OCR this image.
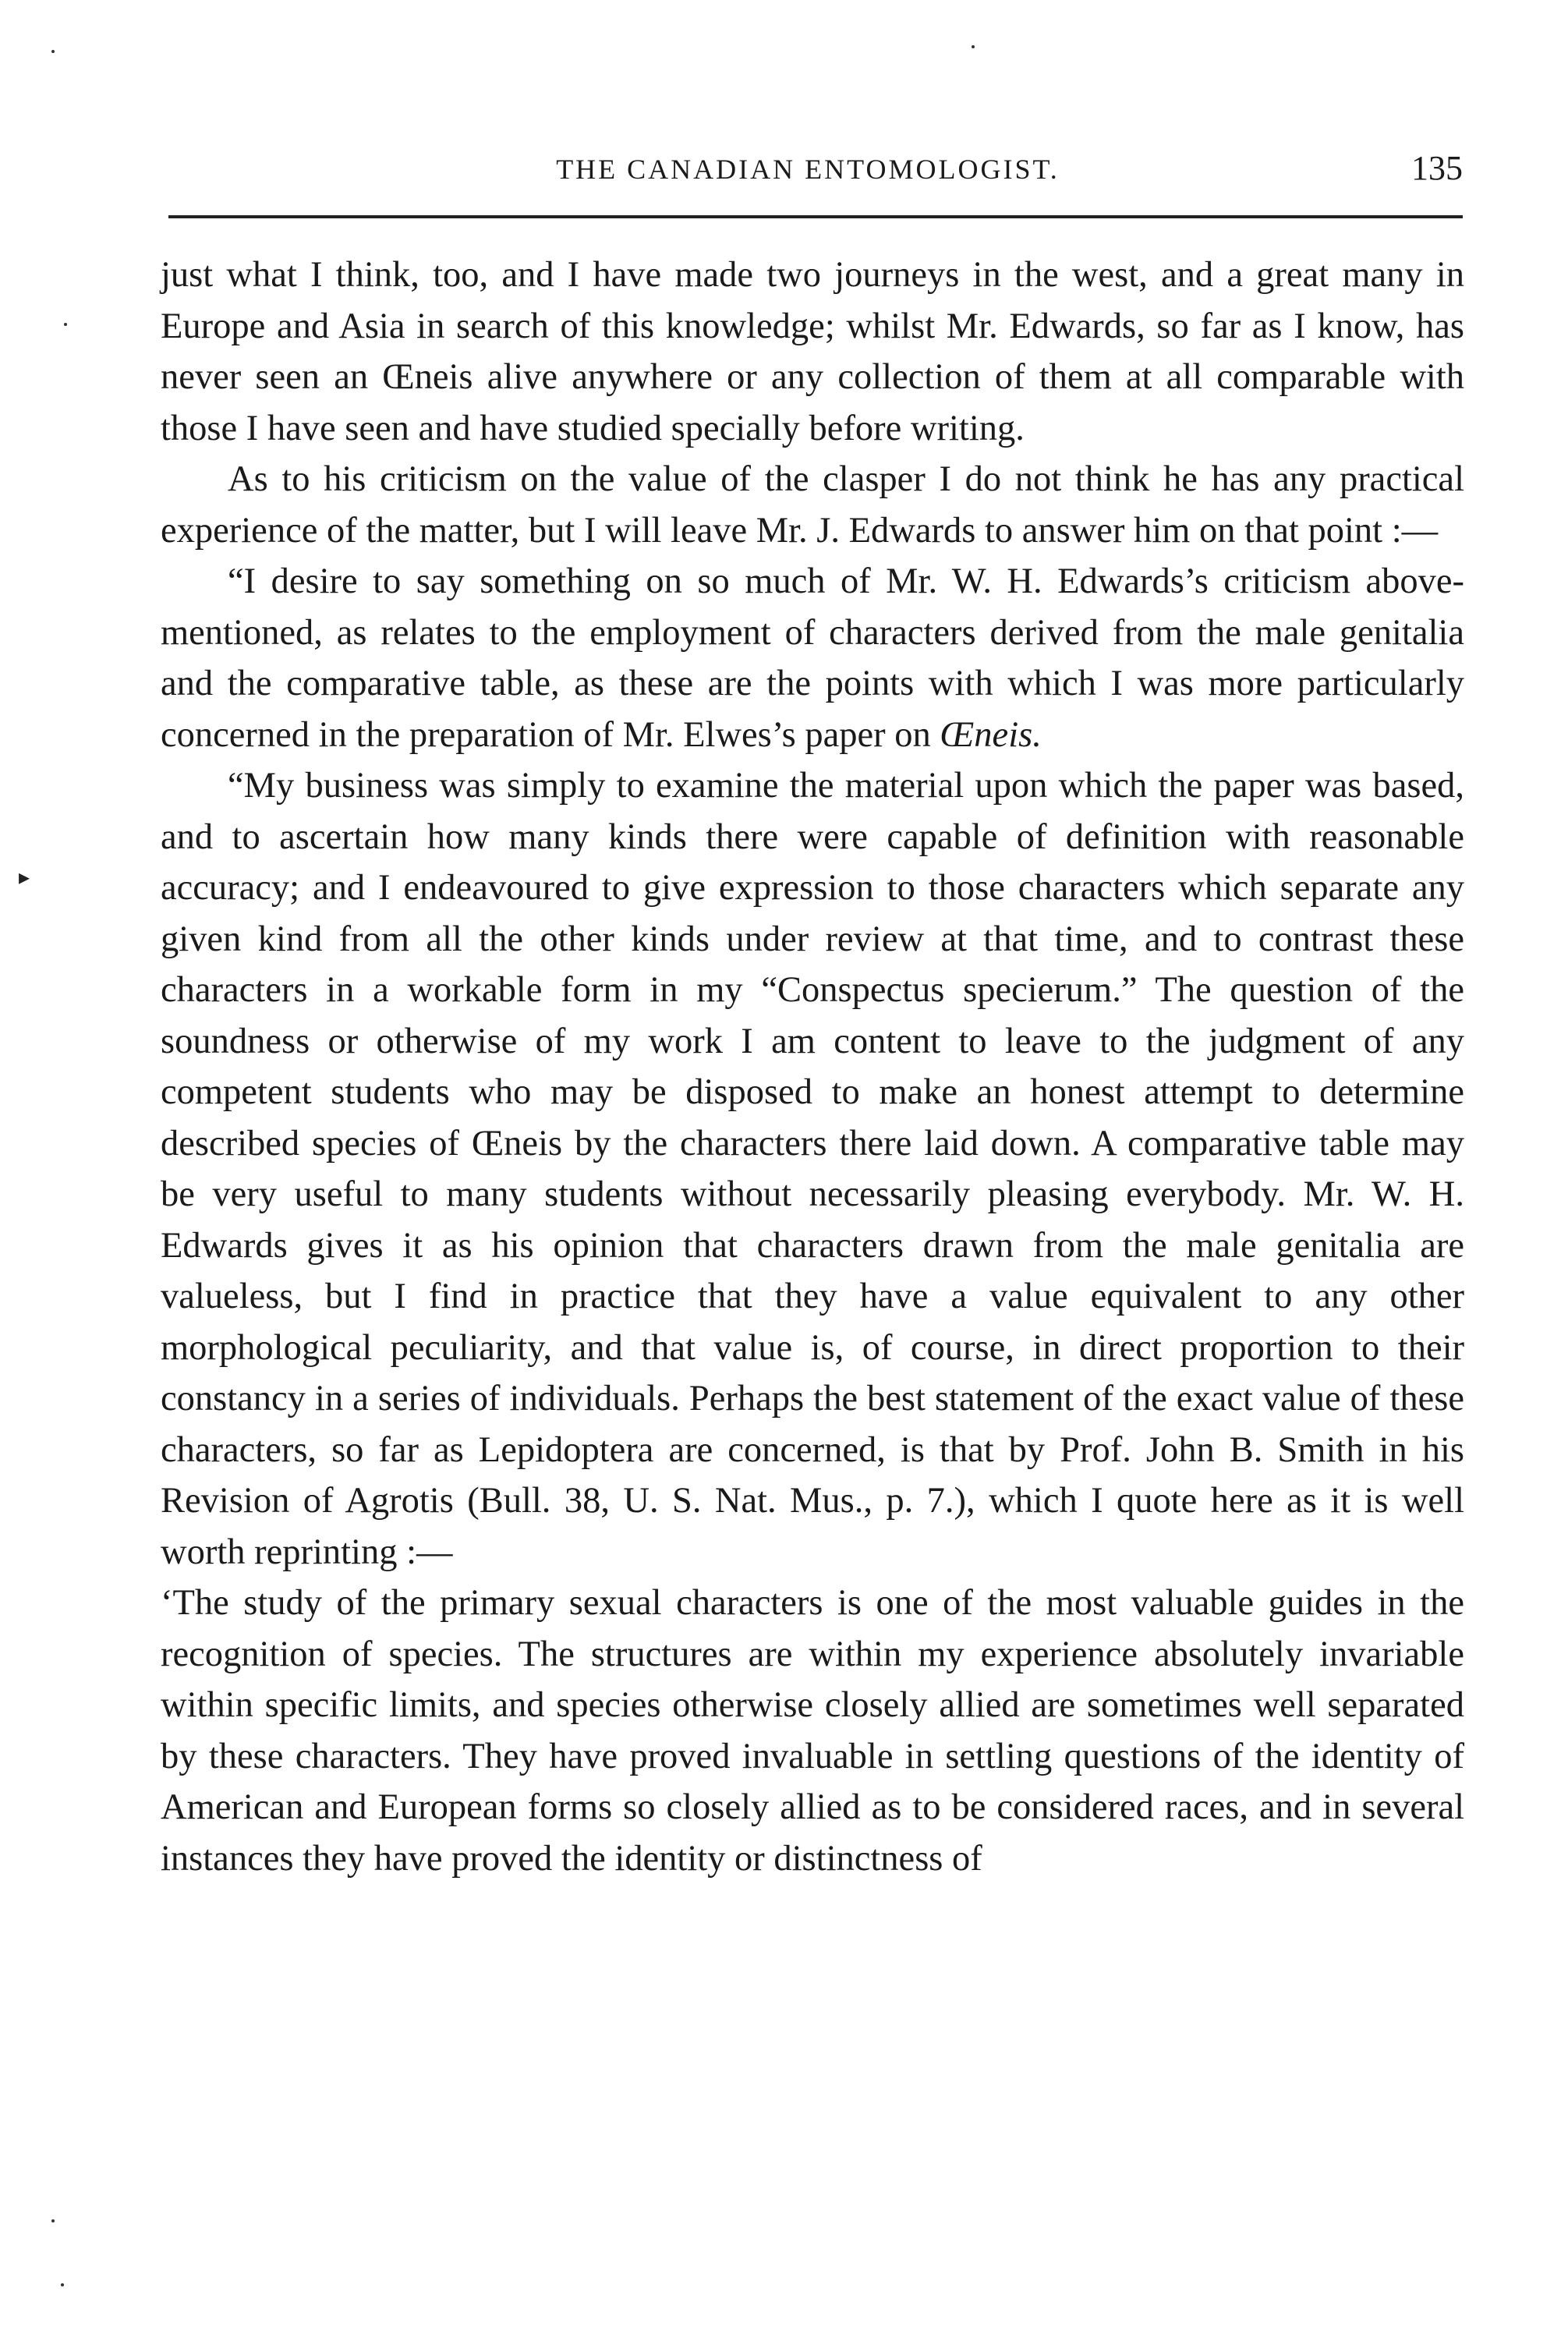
THE CANADIAN ENTOMOLOGIST.	135

just what I think, too, and I have made two journeys in the west, and a great many in Europe and Asia in search of this knowledge; whilst Mr. Edwards, so far as I know, has never seen an Œneis alive anywhere or any collection of them at all comparable with those I have seen and have studied specially before writing.

As to his criticism on the value of the clasper I do not think he has any practical experience of the matter, but I will leave Mr. J. Edwards to answer him on that point :—

“I desire to say something on so much of Mr. W. H. Edwards’s criticism above-mentioned, as relates to the employment of characters derived from the male genitalia and the comparative table, as these are the points with which I was more particularly concerned in the preparation of Mr. Elwes’s paper on Œneis.

“My business was simply to examine the material upon which the paper was based, and to ascertain how many kinds there were capable of definition with reasonable accuracy; and I endeavoured to give expression to those characters which separate any given kind from all the other kinds under review at that time, and to contrast these characters in a workable form in my “Conspectus specierum.” The question of the soundness or otherwise of my work I am content to leave to the judgment of any competent students who may be disposed to make an honest attempt to determine described species of Œneis by the characters there laid down. A comparative table may be very useful to many students without necessarily pleasing everybody. Mr. W. H. Edwards gives it as his opinion that characters drawn from the male genitalia are valueless, but I find in practice that they have a value equivalent to any other morphological peculiarity, and that value is, of course, in direct proportion to their constancy in a series of individuals. Perhaps the best statement of the exact value of these characters, so far as Lepidoptera are concerned, is that by Prof. John B. Smith in his Revision of Agrotis (Bull. 38, U. S. Nat. Mus., p. 7.), which I quote here as it is well worth reprinting :—

‘The study of the primary sexual characters is one of the most valuable guides in the recognition of species. The structures are within my experience absolutely invariable within specific limits, and species otherwise closely allied are sometimes well separated by these characters. They have proved invaluable in settling questions of the identity of American and European forms so closely allied as to be considered races, and in several instances they have proved the identity or distinctness of

▸
